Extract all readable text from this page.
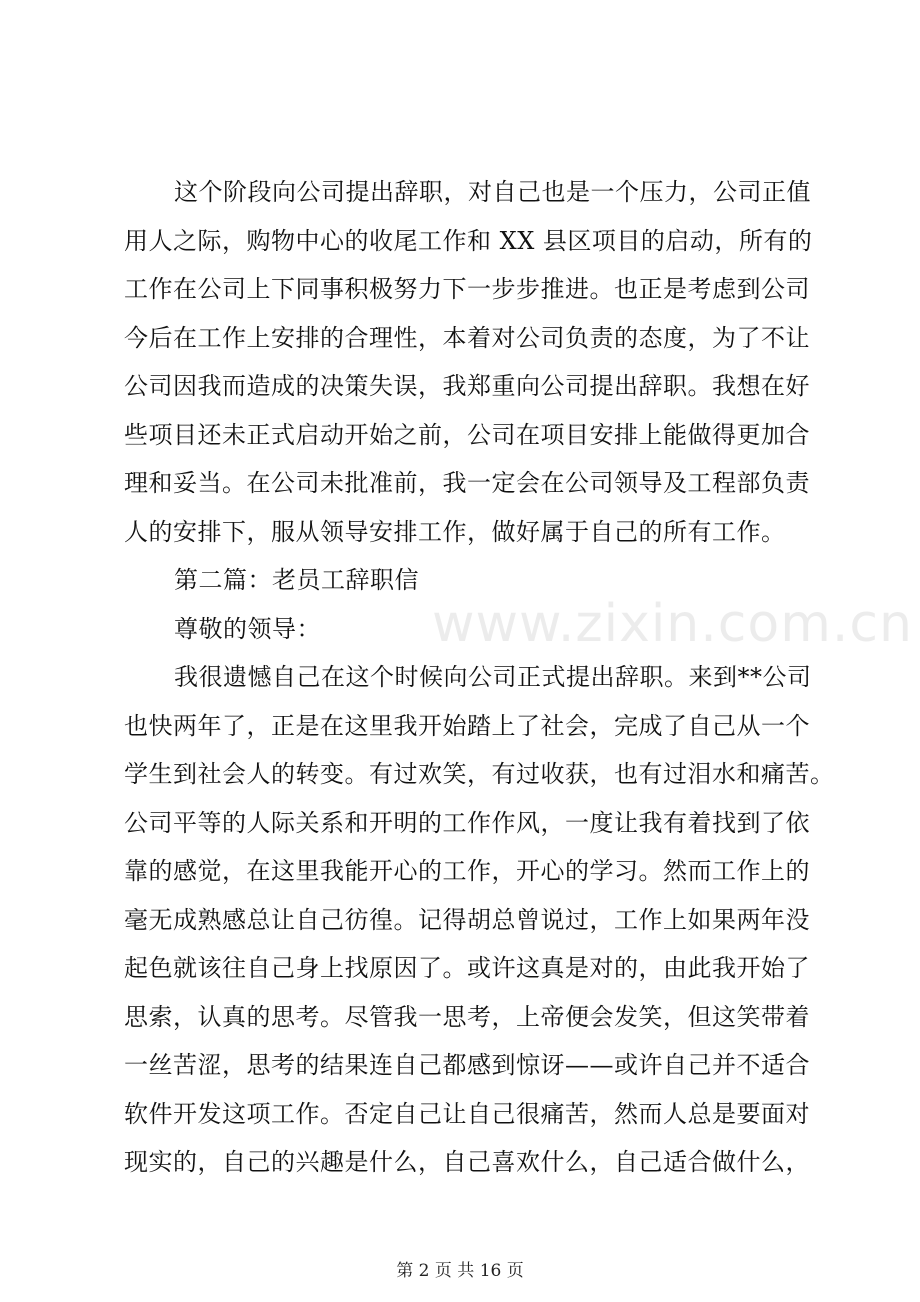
这个阶段向公司提出辞职，对自己也是一个压力，公司正值
用人之际，购物中心的收尾工作和 XX 县区项目的启动，所有的
工作在公司上下同事积极努力下一步步推进。也正是考虑到公司
今后在工作上安排的合理性，本着对公司负责的态度，为了不让
公司因我而造成的决策失误，我郑重向公司提出辞职。我想在好
些项目还未正式启动开始之前，公司在项目安排上能做得更加合
理和妥当。在公司未批准前，我一定会在公司领导及工程部负责
人的安排下，服从领导安排工作，做好属于自己的所有工作。
第二篇：老员工辞职信
尊敬的领导：
我很遗憾自己在这个时候向公司正式提出辞职。来到**公司
也快两年了，正是在这里我开始踏上了社会，完成了自己从一个
学生到社会人的转变。有过欢笑，有过收获，也有过泪水和痛苦。
公司平等的人际关系和开明的工作作风，一度让我有着找到了依
靠的感觉，在这里我能开心的工作，开心的学习。然而工作上的
毫无成熟感总让自己彷徨。记得胡总曾说过，工作上如果两年没
起色就该往自己身上找原因了。或许这真是对的，由此我开始了
思索，认真的思考。尽管我一思考，上帝便会发笑，但这笑带着
一丝苦涩，思考的结果连自己都感到惊讶——或许自己并不适合
软件开发这项工作。否定自己让自己很痛苦，然而人总是要面对
现实的，自己的兴趣是什么，自己喜欢什么，自己适合做什么，
www.zixin.com.cn
第 2 页 共 16 页
